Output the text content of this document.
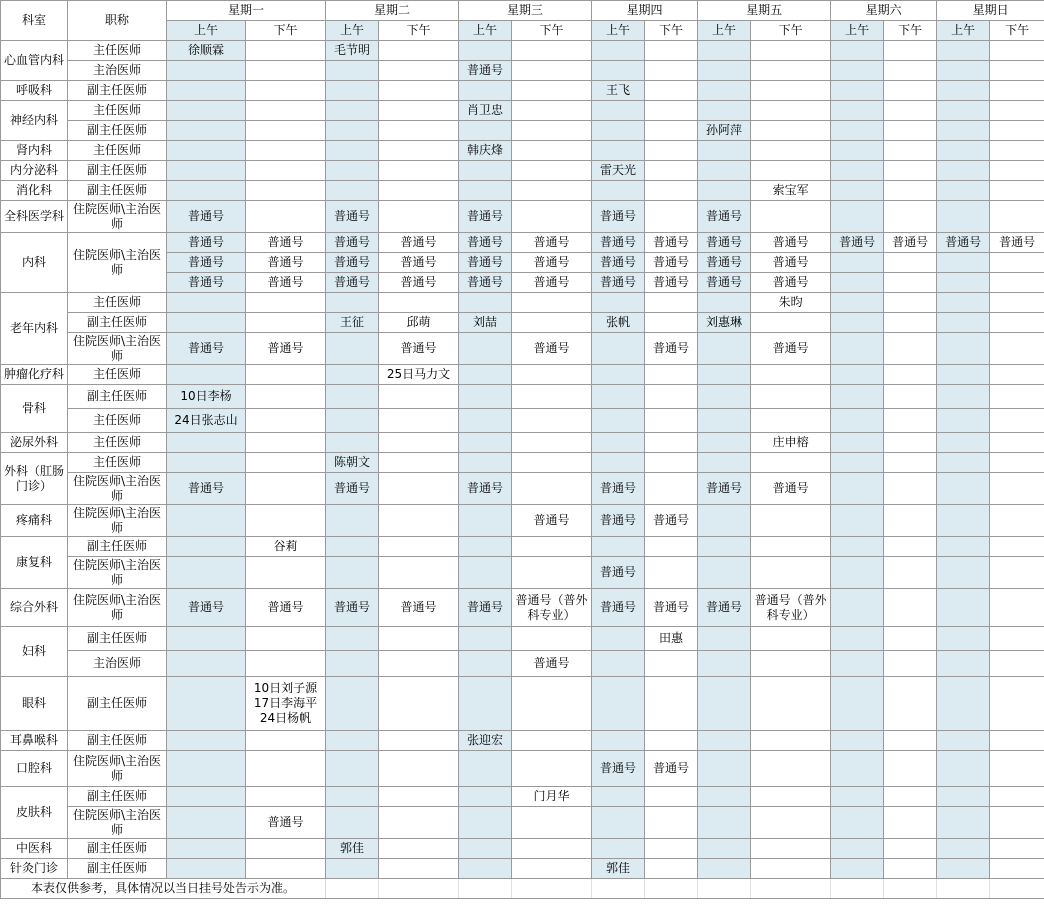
科室	职称	星期一		星期二		星期三		星期四		星期五		星期六		星期日	
		上午	下午	上午	下午	上午	下午	上午	下午	上午	下午	上午	下午	上午	下午
心血管内科	主任医师	徐顺霖		毛节明											
	主治医师					普通号									
呼吸科	副主任医师							王飞							
神经内科	主任医师					肖卫忠									
	副主任医师									孙阿萍					
肾内科	主任医师					韩庆烽									
内分泌科	副主任医师							雷天光							
消化科	副主任医师										索宝军				
全科医学科	住院医师\主治医师	普通号		普通号		普通号		普通号		普通号					
内科	住院医师\主治医师	普通号	普通号	普通号	普通号	普通号	普通号	普通号	普通号	普通号	普通号	普通号	普通号	普通号	普通号
		普通号	普通号	普通号	普通号	普通号	普通号	普通号	普通号	普通号	普通号				
		普通号	普通号	普通号	普通号	普通号	普通号	普通号	普通号	普通号	普通号				
老年内科	主任医师										朱昀				
	副主任医师			王征	邱萌	刘喆		张帆		刘惠琳					
	住院医师\主治医师	普通号	普通号		普通号		普通号		普通号		普通号				
肿瘤化疗科	主任医师				25日马力文										
骨科	副主任医师	10日李杨													
	主任医师	24日张志山													
泌尿外科	主任医师										庄申榕				
外科（肛肠门诊）	主任医师			陈朝文											
	住院医师\主治医师	普通号		普通号		普通号		普通号		普通号	普通号				
疼痛科	住院医师\主治医师						普通号	普通号	普通号						
康复科	副主任医师		谷莉												
	住院医师\主治医师							普通号							
综合外科	住院医师\主治医师	普通号	普通号	普通号	普通号	普通号	普通号（普外科专业）	普通号	普通号	普通号	普通号（普外科专业）				
妇科	副主任医师								田惠						
	主治医师						普通号								
眼科	副主任医师		10日刘子源
17日李海平
24日杨帆												
耳鼻喉科	副主任医师					张迎宏									
口腔科	住院医师\主治医师							普通号	普通号						
皮肤科	副主任医师						门月华								
	住院医师\主治医师		普通号												
中医科	副主任医师			郭佳											
针灸门诊	副主任医师							郭佳							
本表仅供参考，具体情况以当日挂号处告示为准。															
